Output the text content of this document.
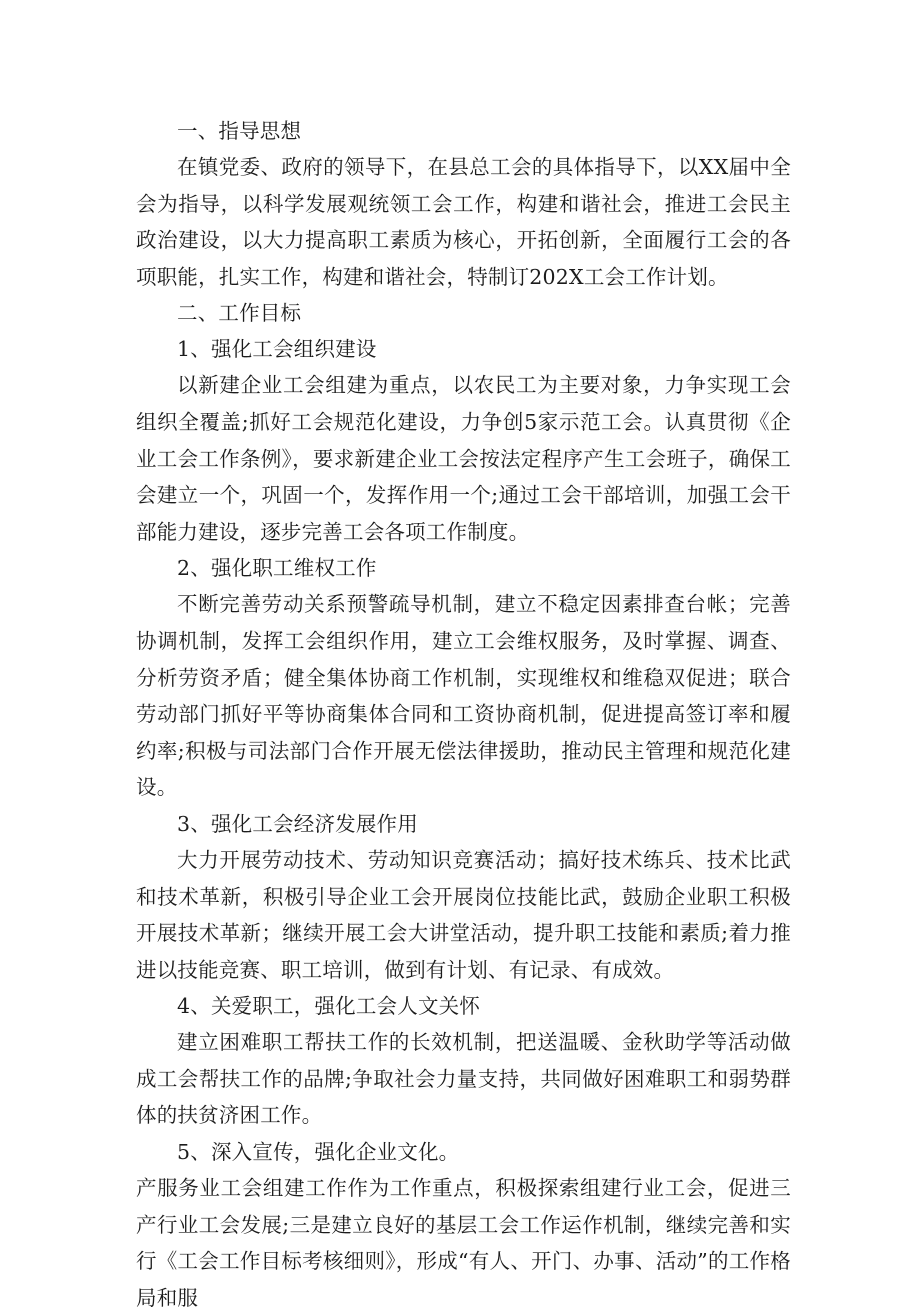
一、指导思想

在镇党委、政府的领导下，在县总工会的具体指导下，以XX届中全会为指导，以科学发展观统领工会工作，构建和谐社会，推进工会民主政治建设，以大力提高职工素质为核心，开拓创新，全面履行工会的各项职能，扎实工作，构建和谐社会，特制订202X工会工作计划。

二、工作目标
1、强化工会组织建设

以新建企业工会组建为重点，以农民工为主要对象，力争实现工会组织全覆盖;抓好工会规范化建设，力争创5家示范工会。认真贯彻《企业工会工作条例》，要求新建企业工会按法定程序产生工会班子，确保工会建立一个，巩固一个，发挥作用一个;通过工会干部培训，加强工会干部能力建设，逐步完善工会各项工作制度。

2、强化职工维权工作

不断完善劳动关系预警疏导机制，建立不稳定因素排查台帐；完善协调机制，发挥工会组织作用，建立工会维权服务，及时掌握、调查、分析劳资矛盾；健全集体协商工作机制，实现维权和维稳双促进；联合劳动部门抓好平等协商集体合同和工资协商机制，促进提高签订率和履约率;积极与司法部门合作开展无偿法律援助，推动民主管理和规范化建设。

3、强化工会经济发展作用

大力开展劳动技术、劳动知识竞赛活动；搞好技术练兵、技术比武和技术革新，积极引导企业工会开展岗位技能比武，鼓励企业职工积极开展技术革新；继续开展工会大讲堂活动，提升职工技能和素质;着力推进以技能竞赛、职工培训，做到有计划、有记录、有成效。

4、关爱职工，强化工会人文关怀

建立困难职工帮扶工作的长效机制，把送温暖、金秋助学等活动做成工会帮扶工作的品牌;争取社会力量支持，共同做好困难职工和弱势群体的扶贫济困工作。

5、深入宣传，强化企业文化。

产服务业工会组建工作作为工作重点，积极探索组建行业工会，促进三产行业工会发展;三是建立良好的基层工会工作运作机制，继续完善和实行《工会工作目标考核细则》，形成“有人、开门、办事、活动”的工作格局和服
